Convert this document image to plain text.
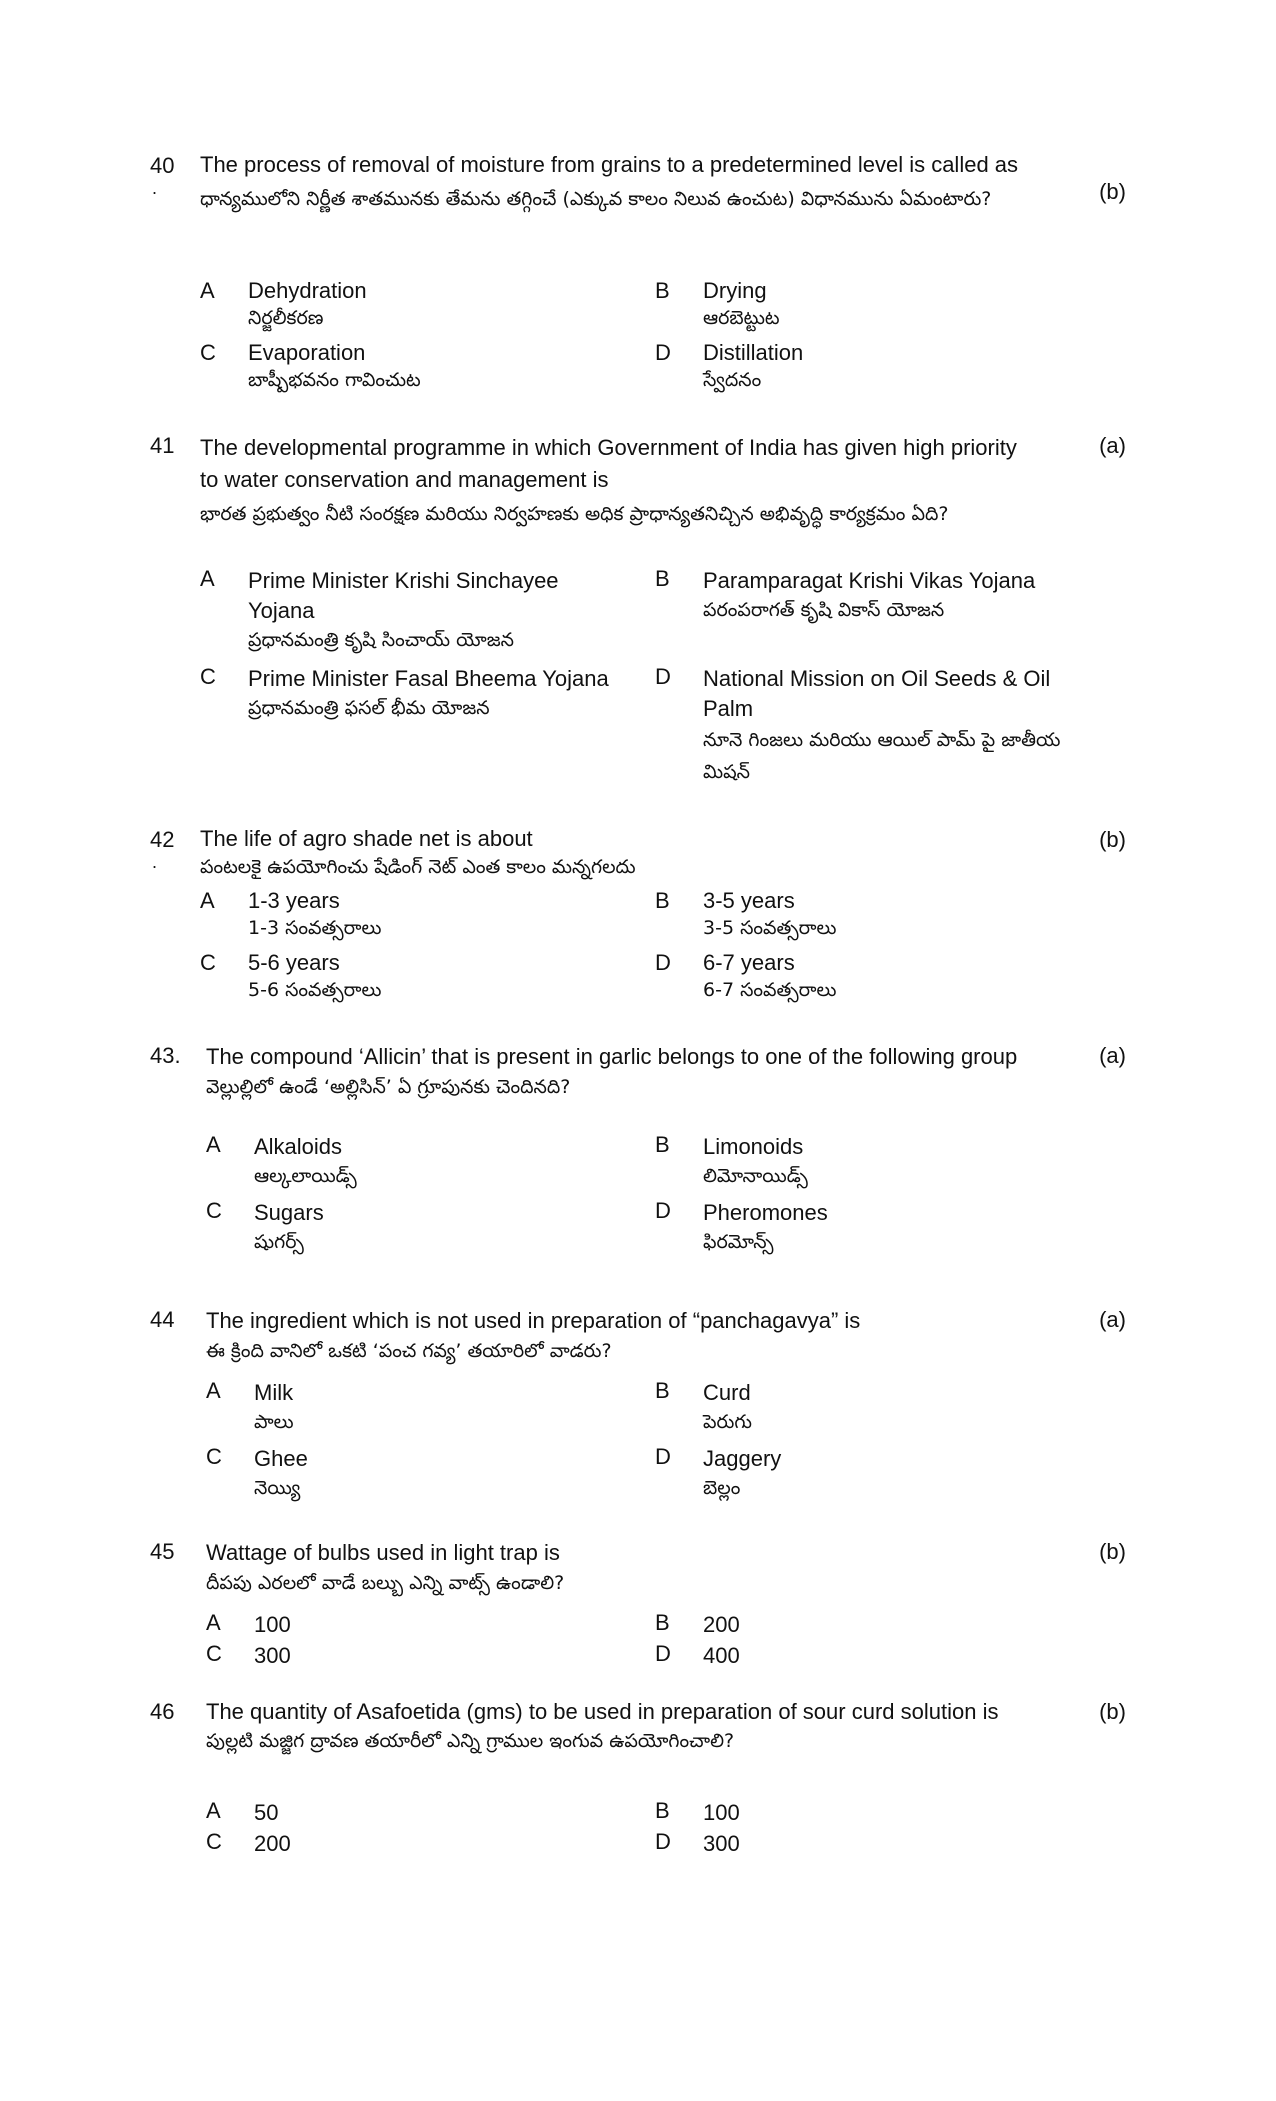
40
.	(b)
The process of removal of moisture from grains to a predetermined level is called as
ధాన్యములోని నిర్ణీత శాతమునకు తేమను తగ్గించే (ఎక్కువ కాలం నిలువ ఉంచుట) విధానమును ఏమంటారు?
A Dehydration
నిర్జలీకరణ
B Drying
ఆరబెట్టుట
C Evaporation
బాష్పీభవనం గావించుట
D Distillation
స్వేదనం
41	(a)
The developmental programme in which Government of India has given high priority to water conservation and management is
భారత ప్రభుత్వం నీటి సంరక్షణ మరియు నిర్వహణకు అధిక ప్రాధాన్యతనిచ్చిన అభివృద్ధి కార్యక్రమం ఏది?
A Prime Minister Krishi Sinchayee Yojana
ప్రధానమంత్రి కృషి సించాయ్ యోజన
B Paramparagat Krishi Vikas Yojana
పరంపరాగత్ కృషి వికాస్ యోజన
C Prime Minister Fasal Bheema Yojana
ప్రధానమంత్రి ఫసల్ భీమ యోజన
D National Mission on Oil Seeds & Oil Palm
నూనె గింజలు మరియు ఆయిల్ పామ్ పై జాతీయ మిషన్
42
.
(b)
The life of agro shade net is about
పంటలకై ఉపయోగించు షేడింగ్ నెట్ ఎంత కాలం మన్నగలదు
A 1-3 years
1-3 సంవత్సరాలు
B 3-5 years
3-5 సంవత్సరాలు
C 5-6 years
5-6 సంవత్సరాలు
D 6-7 years
6-7 సంవత్సరాలు
43.	(a)
The compound ‘Allicin’ that is present in garlic belongs to one of the following group
వెల్లుల్లిలో ఉండే ‘అల్లిసిన్’ ఏ గ్రూపునకు చెందినది?
A Alkaloids
ఆల్కలాయిడ్స్
B Limonoids
లిమోనాయిడ్స్
C Sugars
షుగర్స్
D Pheromones
ఫిరమోన్స్
44	(a)
The ingredient which is not used in preparation of “panchagavya” is
ఈ క్రింది వానిలో ఒకటి ‘పంచ గవ్య’ తయారిలో వాడరు?
A Milk
పాలు
B Curd
పెరుగు
C Ghee
నెయ్యి
D Jaggery
బెల్లం
45	(b)
Wattage of bulbs used in light trap is
దీపపు ఎరలలో వాడే బల్బు ఎన్ని వాట్స్ ఉండాలి?
A 100	B 200
C 300	D 400
46	(b)
The quantity of Asafoetida (gms) to be used in preparation of sour curd solution is
పుల్లటి మజ్జిగ ద్రావణ తయారీలో ఎన్ని గ్రాముల ఇంగువ ఉపయోగించాలి?
A 50	B 100
C 200	D 300
